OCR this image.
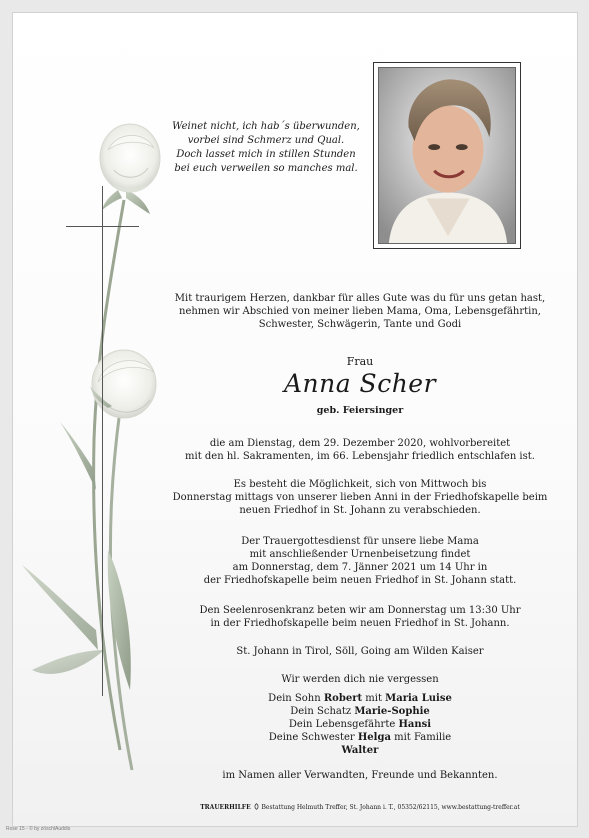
Rose 15 - © by zöschlAuddis
Weinet nicht, ich hab´s überwunden,
vorbei sind Schmerz und Qual.
Doch lasset mich in stillen Stunden
bei euch verweilen so manches mal.
Mit traurigem Herzen, dankbar für alles Gute was du für uns getan hast,
nehmen wir Abschied von meiner lieben Mama, Oma, Lebensgefährtin,
Schwester, Schwägerin, Tante und Godi
Frau
Anna Scher
geb. Feiersinger
die am Dienstag, dem 29. Dezember 2020, wohlvorbereitet
mit den hl. Sakramenten, im 66. Lebensjahr friedlich entschlafen ist.
Es besteht die Möglichkeit, sich von Mittwoch bis
Donnerstag mittags von unserer lieben Anni in der Friedhofskapelle beim
neuen Friedhof in St. Johann zu verabschieden.
Der Trauergottesdienst für unsere liebe Mama
mit anschließender Urnenbeisetzung findet
am Donnerstag, dem 7. Jänner 2021 um 14 Uhr in
der Friedhofskapelle beim neuen Friedhof in St. Johann statt.
Den Seelenrosenkranz beten wir am Donnerstag um 13:30 Uhr
in der Friedhofskapelle beim neuen Friedhof in St. Johann.
St. Johann in Tirol, Söll, Going am Wilden Kaiser
Wir werden dich nie vergessen
Dein Sohn Robert mit Maria Luise
Dein Schatz Marie-Sophie
Dein Lebensgefährte Hansi
Deine Schwester Helga mit Familie
Walter
im Namen aller Verwandten, Freunde und Bekannten.
TRAUERHILFE Bestattung Helmuth Treffer, St. Johann i. T., 05352/62115, www.bestattung-treffer.at
